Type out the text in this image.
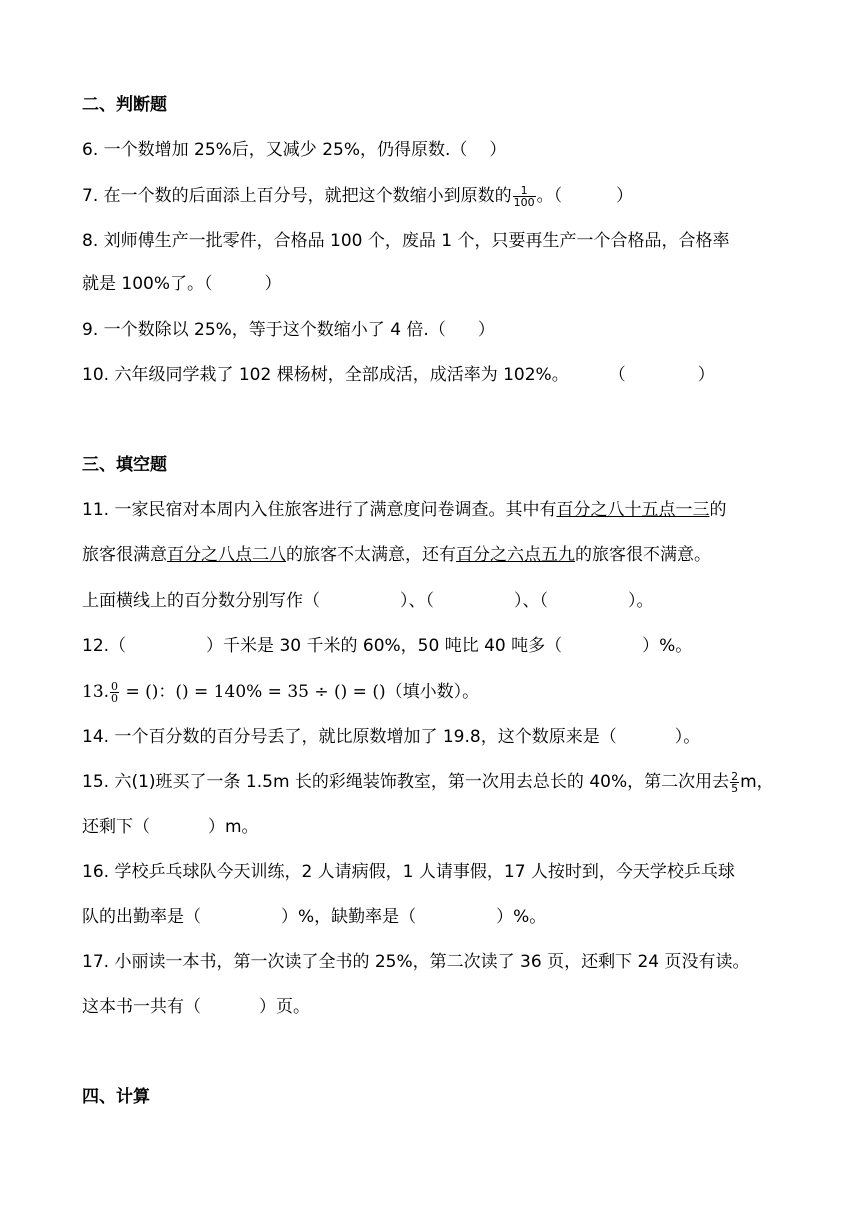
二、判断题
6. 一个数增加 25%后，又减少 25%，仍得原数.（ ）
7. 在一个数的后面添上百分号，就把这个数缩小到原数的 $\frac{1}{100}$ 。（	）
8. 刘师傅生产一批零件，合格品 100 个，废品 1 个，只要再生产一个合格品，合格率
就是 100%了。（	）
9. 一个数除以 25%，等于这个数缩小了 4 倍.（ ）
10. 六年级同学栽了 102 棵杨树，全部成活，成活率为 102%。 （	）
三、填空题
11. 一家民宿对本周内入住旅客进行了满意度问卷调查。其中有百分之八十五点一三的
旅客很满意百分之八点二八的旅客不太满意，还有百分之六点五九的旅客很不满意。
上面横线上的百分数分别写作（	）、（	）、（	）。
12.（	）千米是 30 千米的 60%，50 吨比 40 吨多（	）%。
13. $\frac{0}{0}$ = ()：() = 140% = 35 ÷ () = ()（填小数）。
14. 一个百分数的百分号丢了，就比原数增加了 19.8，这个数原来是（	）。
15. 六(1)班买了一条 1.5m 长的彩绳装饰教室，第一次用去总长的 40%，第二次用去 $\frac{2}{5}$ m，
还剩下（	）m。
16. 学校乒乓球队今天训练，2 人请病假，1 人请事假，17 人按时到，今天学校乒乓球
队的出勤率是（	）%，缺勤率是（	）%。
17. 小丽读一本书，第一次读了全书的 25%，第二次读了 36 页，还剩下 24 页没有读。
这本书一共有（	）页。
四、计算
